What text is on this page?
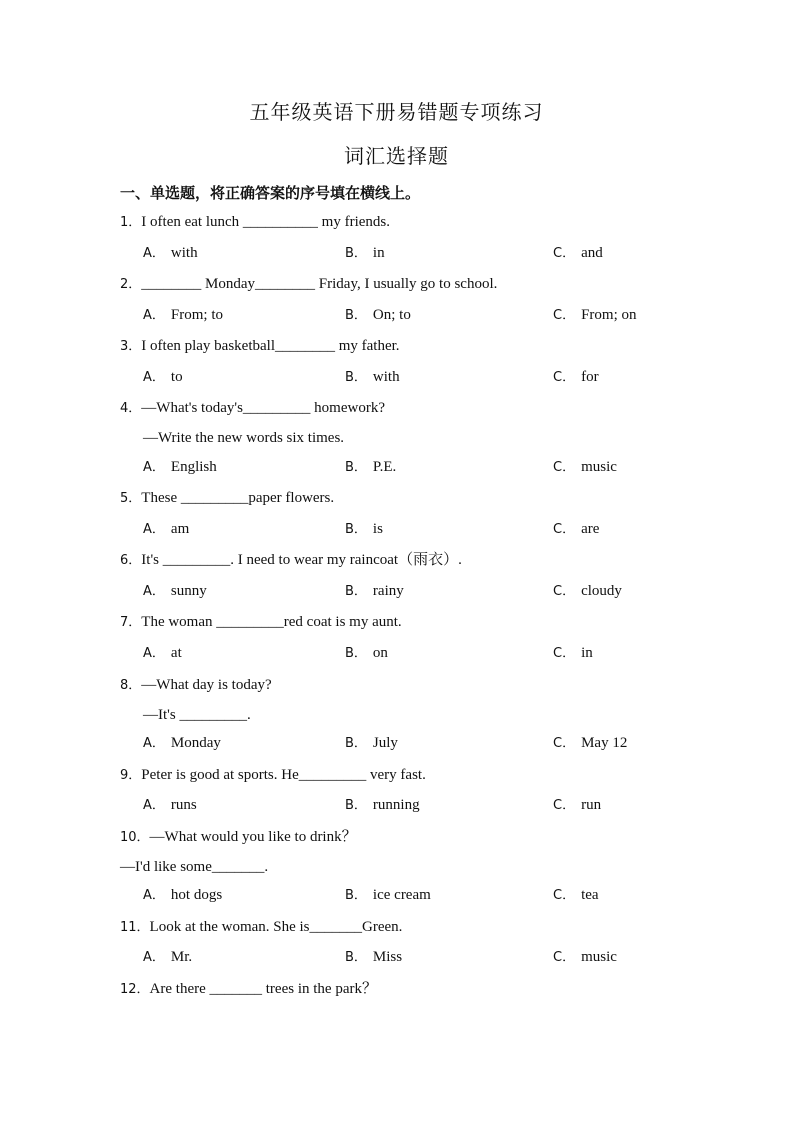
五年级英语下册易错题专项练习
词汇选择题
一、单选题，将正确答案的序号填在横线上。
1．I often eat lunch __________ my friends.
A． with	B． in	C． and
2．________ Monday________ Friday, I usually go to school.
A． From; to	B． On; to	C． From; on
3．I often play basketball________ my father.
A． to	B． with	C． for
4．—What's today's_________ homework?
—Write the new words six times.
A． English	B． P.E.	C． music
5．These _________paper flowers.
A． am	B． is	C． are
6．It's _________. I need to wear my raincoat（雨衣）.
A． sunny	B． rainy	C． cloudy
7．The woman _________red coat is my aunt.
A． at	B． on	C． in
8．—What day is today?
—It's _________.
A． Monday	B． July	C． May 12
9．Peter is good at sports. He_________ very fast.
A． runs	B． running	C． run
10．—What would you like to drink？
—I'd like some_______.
A． hot dogs	B． ice cream	C． tea
11．Look at the woman. She is_______Green.
A． Mr.	B． Miss	C． music
12．Are there _______ trees in the park？
